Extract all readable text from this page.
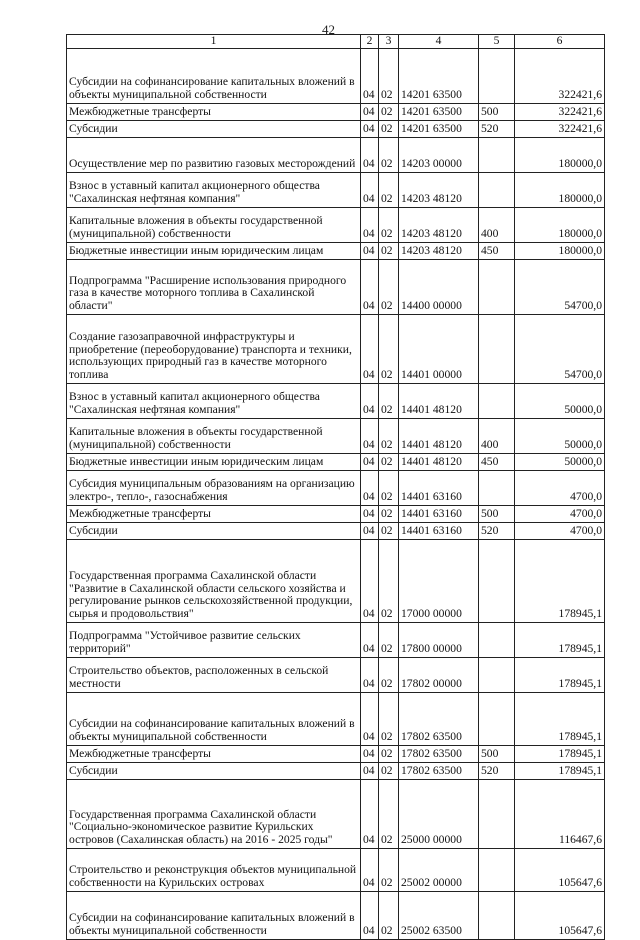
42
1	2	3	4	5	6
Субсидии на софинансирование капитальных вложений в объекты муниципальной собственности	04	02	14201 63500		322421,6
Межбюджетные трансферты	04	02	14201 63500	500	322421,6
Субсидии	04	02	14201 63500	520	322421,6
Осуществление мер по развитию газовых месторождений	04	02	14203 00000		180000,0
Взнос в уставный капитал акционерного общества "Сахалинская нефтяная компания"	04	02	14203 48120		180000,0
Капитальные вложения в объекты государственной (муниципальной) собственности	04	02	14203 48120	400	180000,0
Бюджетные инвестиции иным юридическим лицам	04	02	14203 48120	450	180000,0
Подпрограмма "Расширение использования природного газа в качестве моторного топлива в Сахалинской области"	04	02	14400 00000		54700,0
Создание газозаправочной инфраструктуры и приобретение (переоборудование) транспорта и техники, использующих природный газ в качестве моторного топлива	04	02	14401 00000		54700,0
Взнос в уставный капитал акционерного общества "Сахалинская нефтяная компания"	04	02	14401 48120		50000,0
Капитальные вложения в объекты государственной (муниципальной) собственности	04	02	14401 48120	400	50000,0
Бюджетные инвестиции иным юридическим лицам	04	02	14401 48120	450	50000,0
Субсидия муниципальным образованиям на организацию электро-, тепло-, газоснабжения	04	02	14401 63160		4700,0
Межбюджетные трансферты	04	02	14401 63160	500	4700,0
Субсидии	04	02	14401 63160	520	4700,0
Государственная программа Сахалинской области "Развитие в Сахалинской области сельского хозяйства и регулирование рынков сельскохозяйственной продукции, сырья и продовольствия"	04	02	17000 00000		178945,1
Подпрограмма "Устойчивое развитие сельских территорий"	04	02	17800 00000		178945,1
Строительство объектов, расположенных в сельской местности	04	02	17802 00000		178945,1
Субсидии на софинансирование капитальных вложений в объекты муниципальной собственности	04	02	17802 63500		178945,1
Межбюджетные трансферты	04	02	17802 63500	500	178945,1
Субсидии	04	02	17802 63500	520	178945,1
Государственная программа Сахалинской области "Социально-экономическое развитие Курильских островов (Сахалинская область) на 2016 - 2025 годы"	04	02	25000 00000		116467,6
Строительство и реконструкция объектов муниципальной собственности на Курильских островах	04	02	25002 00000		105647,6
Субсидии на софинансирование капитальных вложений в объекты муниципальной собственности	04	02	25002 63500		105647,6
